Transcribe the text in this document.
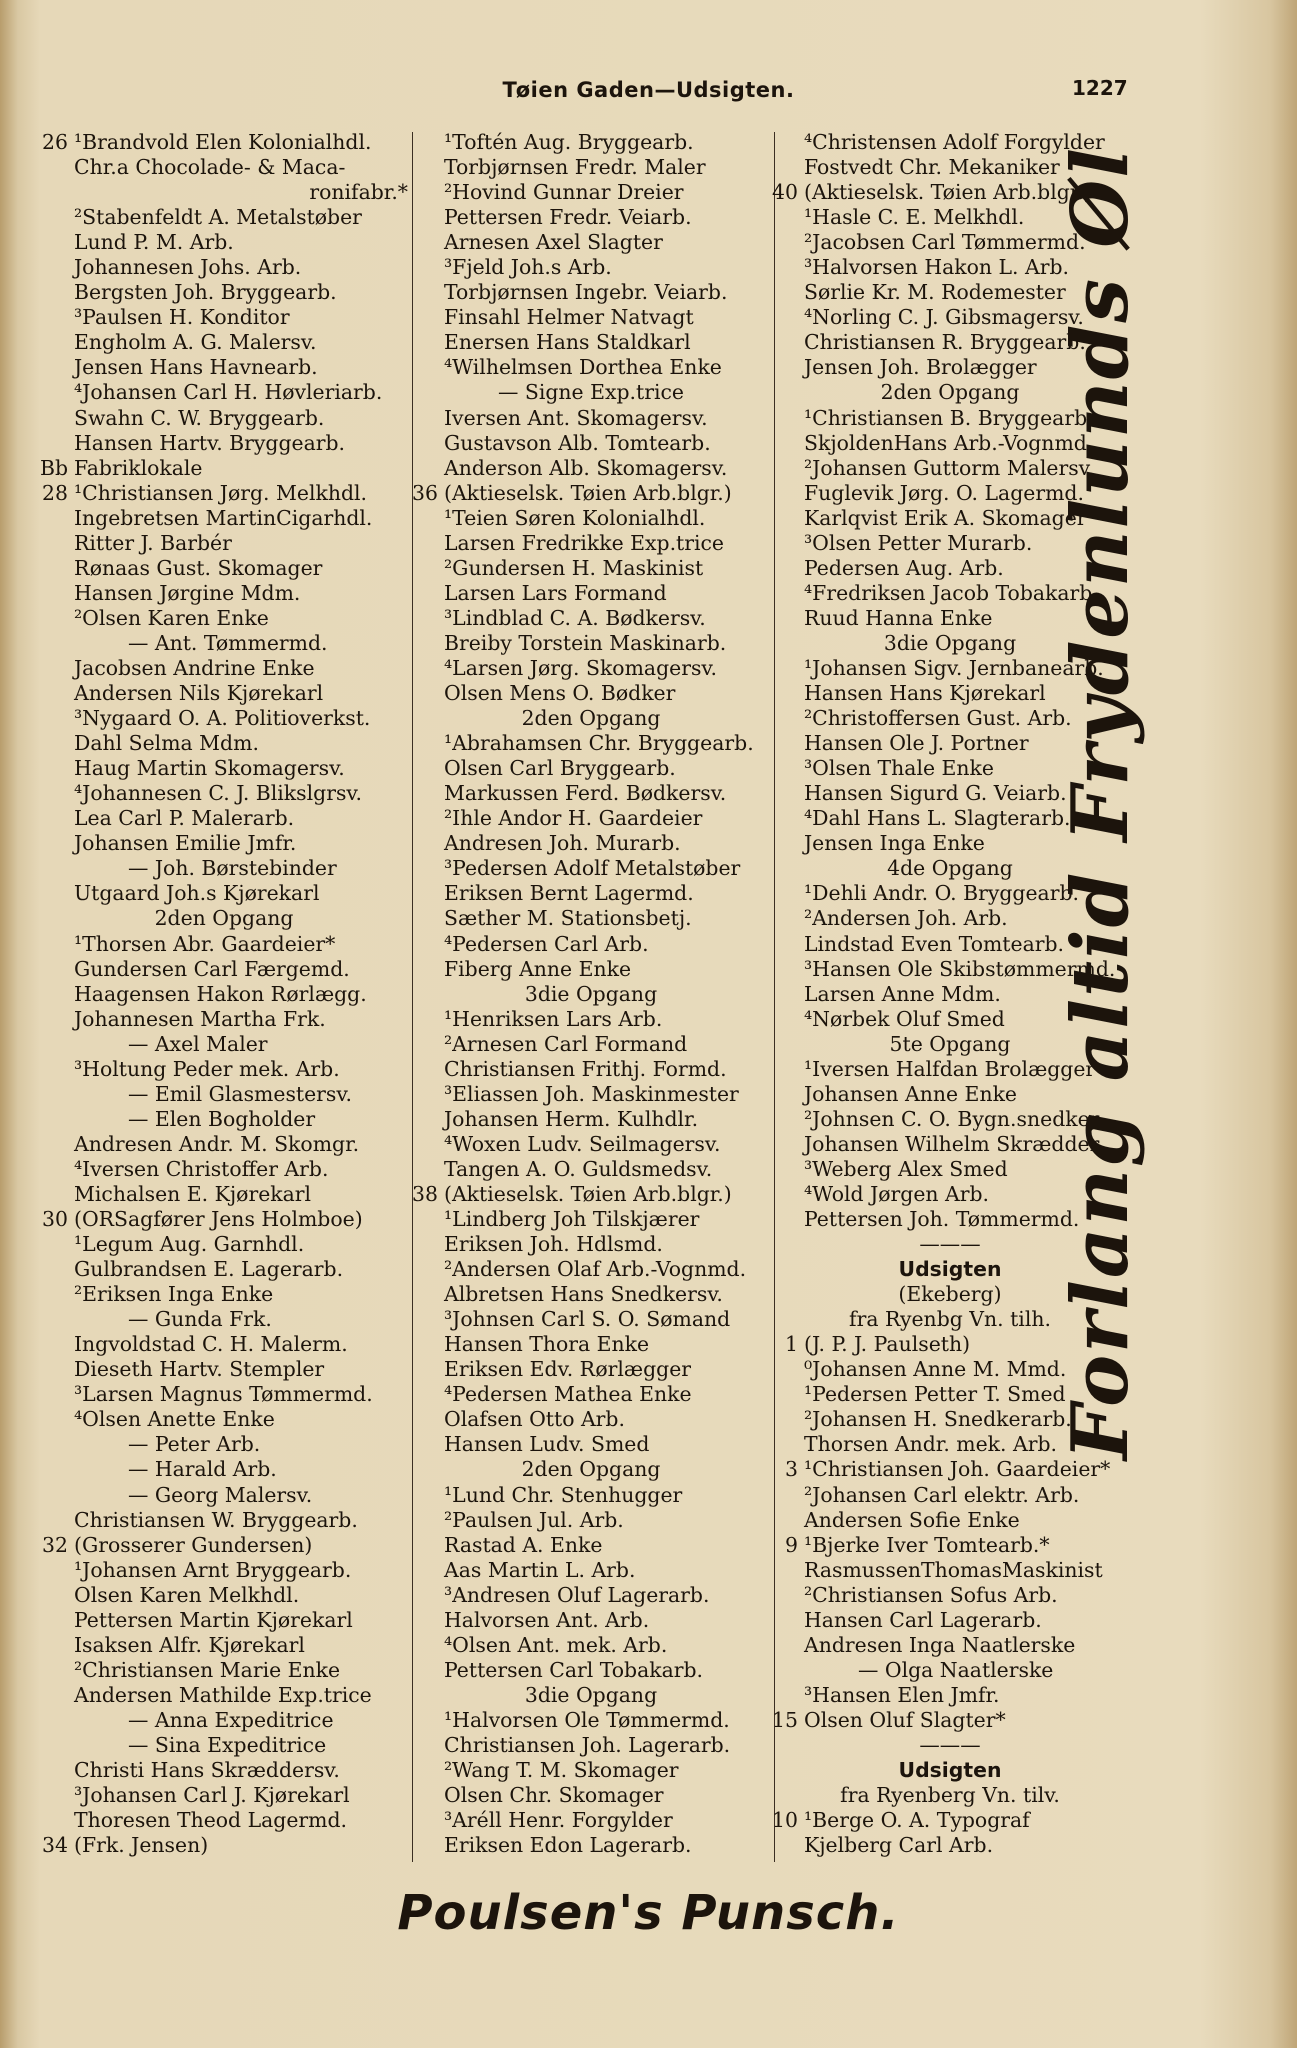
Tøien Gaden—Udsigten.	1227
26 ¹Brandvold Elen Kolonialhdl.
Chr.a Chocolade- & Maca-
ronifabr.*
²Stabenfeldt A. Metalstøber
Lund P. M. Arb.
Johannesen Johs. Arb.
Bergsten Joh. Bryggearb.
³Paulsen H. Konditor
Engholm A. G. Malersv.
Jensen Hans Havnearb.
⁴Johansen Carl H. Høvleriarb.
Swahn C. W. Bryggearb.
Hansen Hartv. Bryggearb.
Bb Fabriklokale
28 ¹Christiansen Jørg. Melkhdl.
Ingebretsen MartinCigarhdl.
Ritter J. Barbér
Rønaas Gust. Skomager
Hansen Jørgine Mdm.
²Olsen Karen Enke
— Ant. Tømmermd.
Jacobsen Andrine Enke
Andersen Nils Kjørekarl
³Nygaard O. A. Politioverkst.
Dahl Selma Mdm.
Haug Martin Skomagersv.
⁴Johannesen C. J. Blikslgrsv.
Lea Carl P. Malerarb.
Johansen Emilie Jmfr.
— Joh. Børstebinder
Utgaard Joh.s Kjørekarl
2den Opgang
¹Thorsen Abr. Gaardeier*
Gundersen Carl Færgemd.
Haagensen Hakon Rørlægg.
Johannesen Martha Frk.
— Axel Maler
³Holtung Peder mek. Arb.
— Emil Glasmestersv.
— Elen Bogholder
Andresen Andr. M. Skomgr.
⁴Iversen Christoffer Arb.
Michalsen E. Kjørekarl
30 (ORSagfører Jens Holmboe)
¹Legum Aug. Garnhdl.
Gulbrandsen E. Lagerarb.
²Eriksen Inga Enke
— Gunda Frk.
Ingvoldstad C. H. Malerm.
Dieseth Hartv. Stempler
³Larsen Magnus Tømmermd.
⁴Olsen Anette Enke
— Peter Arb.
— Harald Arb.
— Georg Malersv.
Christiansen W. Bryggearb.
32 (Grosserer Gundersen)
¹Johansen Arnt Bryggearb.
Olsen Karen Melkhdl.
Pettersen Martin Kjørekarl
Isaksen Alfr. Kjørekarl
²Christiansen Marie Enke
Andersen Mathilde Exp.trice
— Anna Expeditrice
— Sina Expeditrice
Christi Hans Skræddersv.
³Johansen Carl J. Kjørekarl
Thoresen Theod Lagermd.
34 (Frk. Jensen)
¹Toftén Aug. Bryggearb.
Torbjørnsen Fredr. Maler
²Hovind Gunnar Dreier
Pettersen Fredr. Veiarb.
Arnesen Axel Slagter
³Fjeld Joh.s Arb.
Torbjørnsen Ingebr. Veiarb.
Finsahl Helmer Natvagt
Enersen Hans Staldkarl
⁴Wilhelmsen Dorthea Enke
— Signe Exp.trice
Iversen Ant. Skomagersv.
Gustavson Alb. Tomtearb.
Anderson Alb. Skomagersv.
36 (Aktieselsk. Tøien Arb.blgr.)
¹Teien Søren Kolonialhdl.
Larsen Fredrikke Exp.trice
²Gundersen H. Maskinist
Larsen Lars Formand
³Lindblad C. A. Bødkersv.
Breiby Torstein Maskinarb.
⁴Larsen Jørg. Skomagersv.
Olsen Mens O. Bødker
2den Opgang
¹Abrahamsen Chr. Bryggearb.
Olsen Carl Bryggearb.
Markussen Ferd. Bødkersv.
²Ihle Andor H. Gaardeier
Andresen Joh. Murarb.
³Pedersen Adolf Metalstøber
Eriksen Bernt Lagermd.
Sæther M. Stationsbetj.
⁴Pedersen Carl Arb.
Fiberg Anne Enke
3die Opgang
¹Henriksen Lars Arb.
²Arnesen Carl Formand
Christiansen Frithj. Formd.
³Eliassen Joh. Maskinmester
Johansen Herm. Kulhdlr.
⁴Woxen Ludv. Seilmagersv.
Tangen A. O. Guldsmedsv.
38 (Aktieselsk. Tøien Arb.blgr.)
¹Lindberg Joh Tilskjærer
Eriksen Joh. Hdlsmd.
²Andersen Olaf Arb.-Vognmd.
Albretsen Hans Snedkersv.
³Johnsen Carl S. O. Sømand
Hansen Thora Enke
Eriksen Edv. Rørlægger
⁴Pedersen Mathea Enke
Olafsen Otto Arb.
Hansen Ludv. Smed
2den Opgang
¹Lund Chr. Stenhugger
²Paulsen Jul. Arb.
Rastad A. Enke
Aas Martin L. Arb.
³Andresen Oluf Lagerarb.
Halvorsen Ant. Arb.
⁴Olsen Ant. mek. Arb.
Pettersen Carl Tobakarb.
3die Opgang
¹Halvorsen Ole Tømmermd.
Christiansen Joh. Lagerarb.
²Wang T. M. Skomager
Olsen Chr. Skomager
³Aréll Henr. Forgylder
Eriksen Edon Lagerarb.
⁴Christensen Adolf Forgylder
Fostvedt Chr. Mekaniker
40 (Aktieselsk. Tøien Arb.blgr.)
¹Hasle C. E. Melkhdl.
²Jacobsen Carl Tømmermd.
³Halvorsen Hakon L. Arb.
Sørlie Kr. M. Rodemester
⁴Norling C. J. Gibsmagersv.
Christiansen R. Bryggearb.
Jensen Joh. Brolægger
2den Opgang
¹Christiansen B. Bryggearb.
SkjoldenHans Arb.-Vognmd.
²Johansen Guttorm Malersv.
Fuglevik Jørg. O. Lagermd.
Karlqvist Erik A. Skomager
³Olsen Petter Murarb.
Pedersen Aug. Arb.
⁴Fredriksen Jacob Tobakarb.
Ruud Hanna Enke
3die Opgang
¹Johansen Sigv. Jernbanearb.
Hansen Hans Kjørekarl
²Christoffersen Gust. Arb.
Hansen Ole J. Portner
³Olsen Thale Enke
Hansen Sigurd G. Veiarb.
⁴Dahl Hans L. Slagterarb.
Jensen Inga Enke
4de Opgang
¹Dehli Andr. O. Bryggearb.
²Andersen Joh. Arb.
Lindstad Even Tomtearb.
³Hansen Ole Skibstømmermd.
Larsen Anne Mdm.
⁴Nørbek Oluf Smed
5te Opgang
¹Iversen Halfdan Brolægger
Johansen Anne Enke
²Johnsen C. O. Bygn.snedker
Johansen Wilhelm Skrædder
³Weberg Alex Smed
⁴Wold Jørgen Arb.
Pettersen Joh. Tømmermd.
———
Udsigten
(Ekeberg)
fra Ryenbg Vn. tilh.
1 (J. P. J. Paulseth)
⁰Johansen Anne M. Mmd.
¹Pedersen Petter T. Smed
²Johansen H. Snedkerarb.
Thorsen Andr. mek. Arb.
3 ¹Christiansen Joh. Gaardeier*
²Johansen Carl elektr. Arb.
Andersen Sofie Enke
9 ¹Bjerke Iver Tomtearb.*
RasmussenThomasMaskinist
²Christiansen Sofus Arb.
Hansen Carl Lagerarb.
Andresen Inga Naatlerske
— Olga Naatlerske
³Hansen Elen Jmfr.
15 Olsen Oluf Slagter*
———
Udsigten
fra Ryenberg Vn. tilv.
10 ¹Berge O. A. Typograf
Kjelberg Carl Arb.
Forlang altid Frydenlunds Øl
Poulsen's Punsch.
